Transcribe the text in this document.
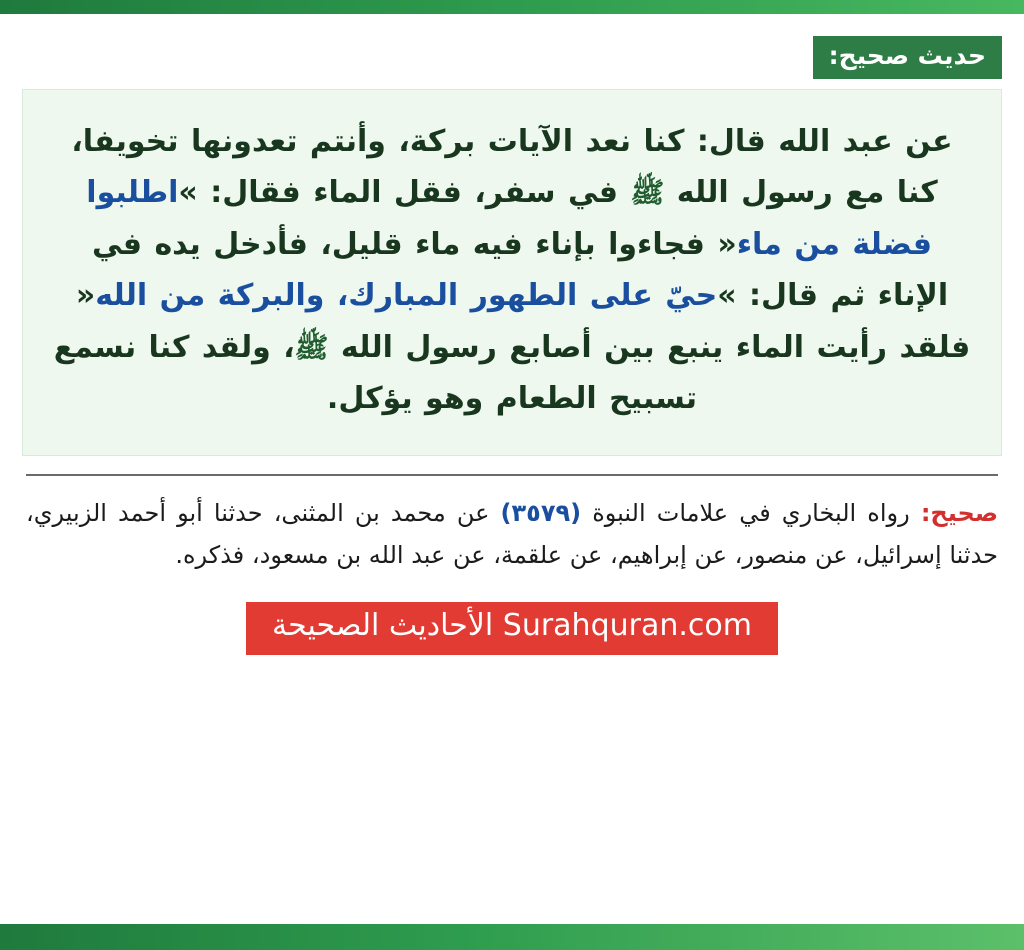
حديث صحيح:

عن عبد الله قال: كنا نعد الآيات بركة، وأنتم تعدونها تخويفا، كنا مع رسول الله ﷺ في سفر، فقل الماء فقال: »اطلبوا فضلة من ماء« فجاءوا بإناء فيه ماء قليل، فأدخل يده في الإناء ثم قال: »حيّ على الطهور المبارك، والبركة من الله« فلقد رأيت الماء ينبع بين أصابع رسول الله ﷺ، ولقد كنا نسمع تسبيح الطعام وهو يؤكل.

صحيح: رواه البخاري في علامات النبوة (٣٥٧٩) عن محمد بن المثنى، حدثنا أبو أحمد الزبيري، حدثنا إسرائيل، عن منصور، عن إبراهيم، عن علقمة، عن عبد الله بن مسعود، فذكره.

Surahquran.com الأحاديث الصحيحة
